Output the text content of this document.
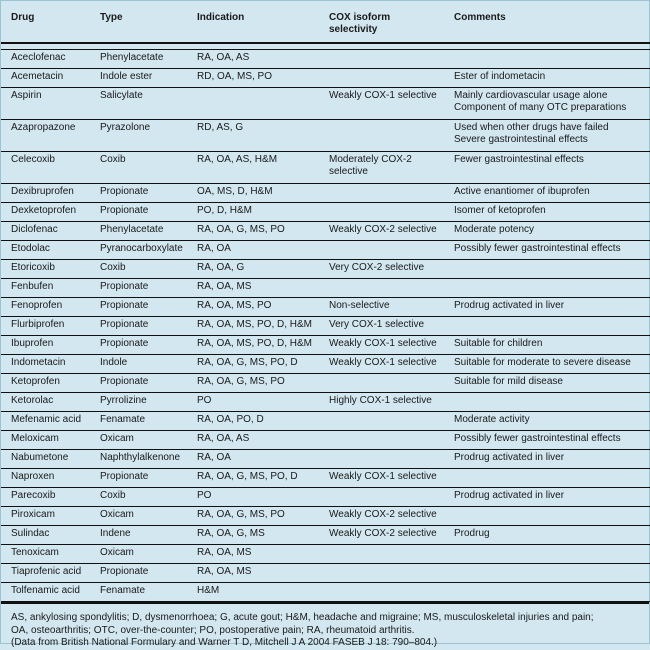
Drug	Type	Indication	COX isoform selectivity	Comments

Aceclofenac	Phenylacetate	RA, OA, AS		

Acemetacin	Indole ester	RD, OA, MS, PO		Ester of indometacin

Aspirin	Salicylate		Weakly COX-1 selective	Mainly cardiovascular usage alone
Component of many OTC preparations

Azapropazone	Pyrazolone	RD, AS, G		Used when other drugs have failed
Severe gastrointestinal effects

Celecoxib	Coxib	RA, OA, AS, H&M	Moderately COX-2
selective	Fewer gastrointestinal effects

Dexibruprofen	Propionate	OA, MS, D, H&M		Active enantiomer of ibuprofen

Dexketoprofen	Propionate	PO, D, H&M		Isomer of ketoprofen

Diclofenac	Phenylacetate	RA, OA, G, MS, PO	Weakly COX-2 selective	Moderate potency

Etodolac	Pyranocarboxylate	RA, OA		Possibly fewer gastrointestinal effects

Etoricoxib	Coxib	RA, OA, G	Very COX-2 selective	

Fenbufen	Propionate	RA, OA, MS		

Fenoprofen	Propionate	RA, OA, MS, PO	Non-selective	Prodrug activated in liver

Flurbiprofen	Propionate	RA, OA, MS, PO, D, H&M	Very COX-1 selective	

Ibuprofen	Propionate	RA, OA, MS, PO, D, H&M	Weakly COX-1 selective	Suitable for children

Indometacin	Indole	RA, OA, G, MS, PO, D	Weakly COX-1 selective	Suitable for moderate to severe disease

Ketoprofen	Propionate	RA, OA, G, MS, PO		Suitable for mild disease

Ketorolac	Pyrrolizine	PO	Highly COX-1 selective	

Mefenamic acid	Fenamate	RA, OA, PO, D		Moderate activity

Meloxicam	Oxicam	RA, OA, AS		Possibly fewer gastrointestinal effects

Nabumetone	Naphthylalkenone	RA, OA		Prodrug activated in liver

Naproxen	Propionate	RA, OA, G, MS, PO, D	Weakly COX-1 selective	

Parecoxib	Coxib	PO		Prodrug activated in liver

Piroxicam	Oxicam	RA, OA, G, MS, PO	Weakly COX-2 selective	

Sulindac	Indene	RA, OA, G, MS	Weakly COX-2 selective	Prodrug

Tenoxicam	Oxicam	RA, OA, MS		

Tiaprofenic acid	Propionate	RA, OA, MS		

Tolfenamic acid	Fenamate	H&M		

AS, ankylosing spondylitis; D, dysmenorrhoea; G, acute gout; H&M, headache and migraine; MS, musculoskeletal injuries and pain;
OA, osteoarthritis; OTC, over-the-counter; PO, postoperative pain; RA, rheumatoid arthritis.
(Data from British National Formulary and Warner T D, Mitchell J A 2004 FASEB J 18: 790–804.)
